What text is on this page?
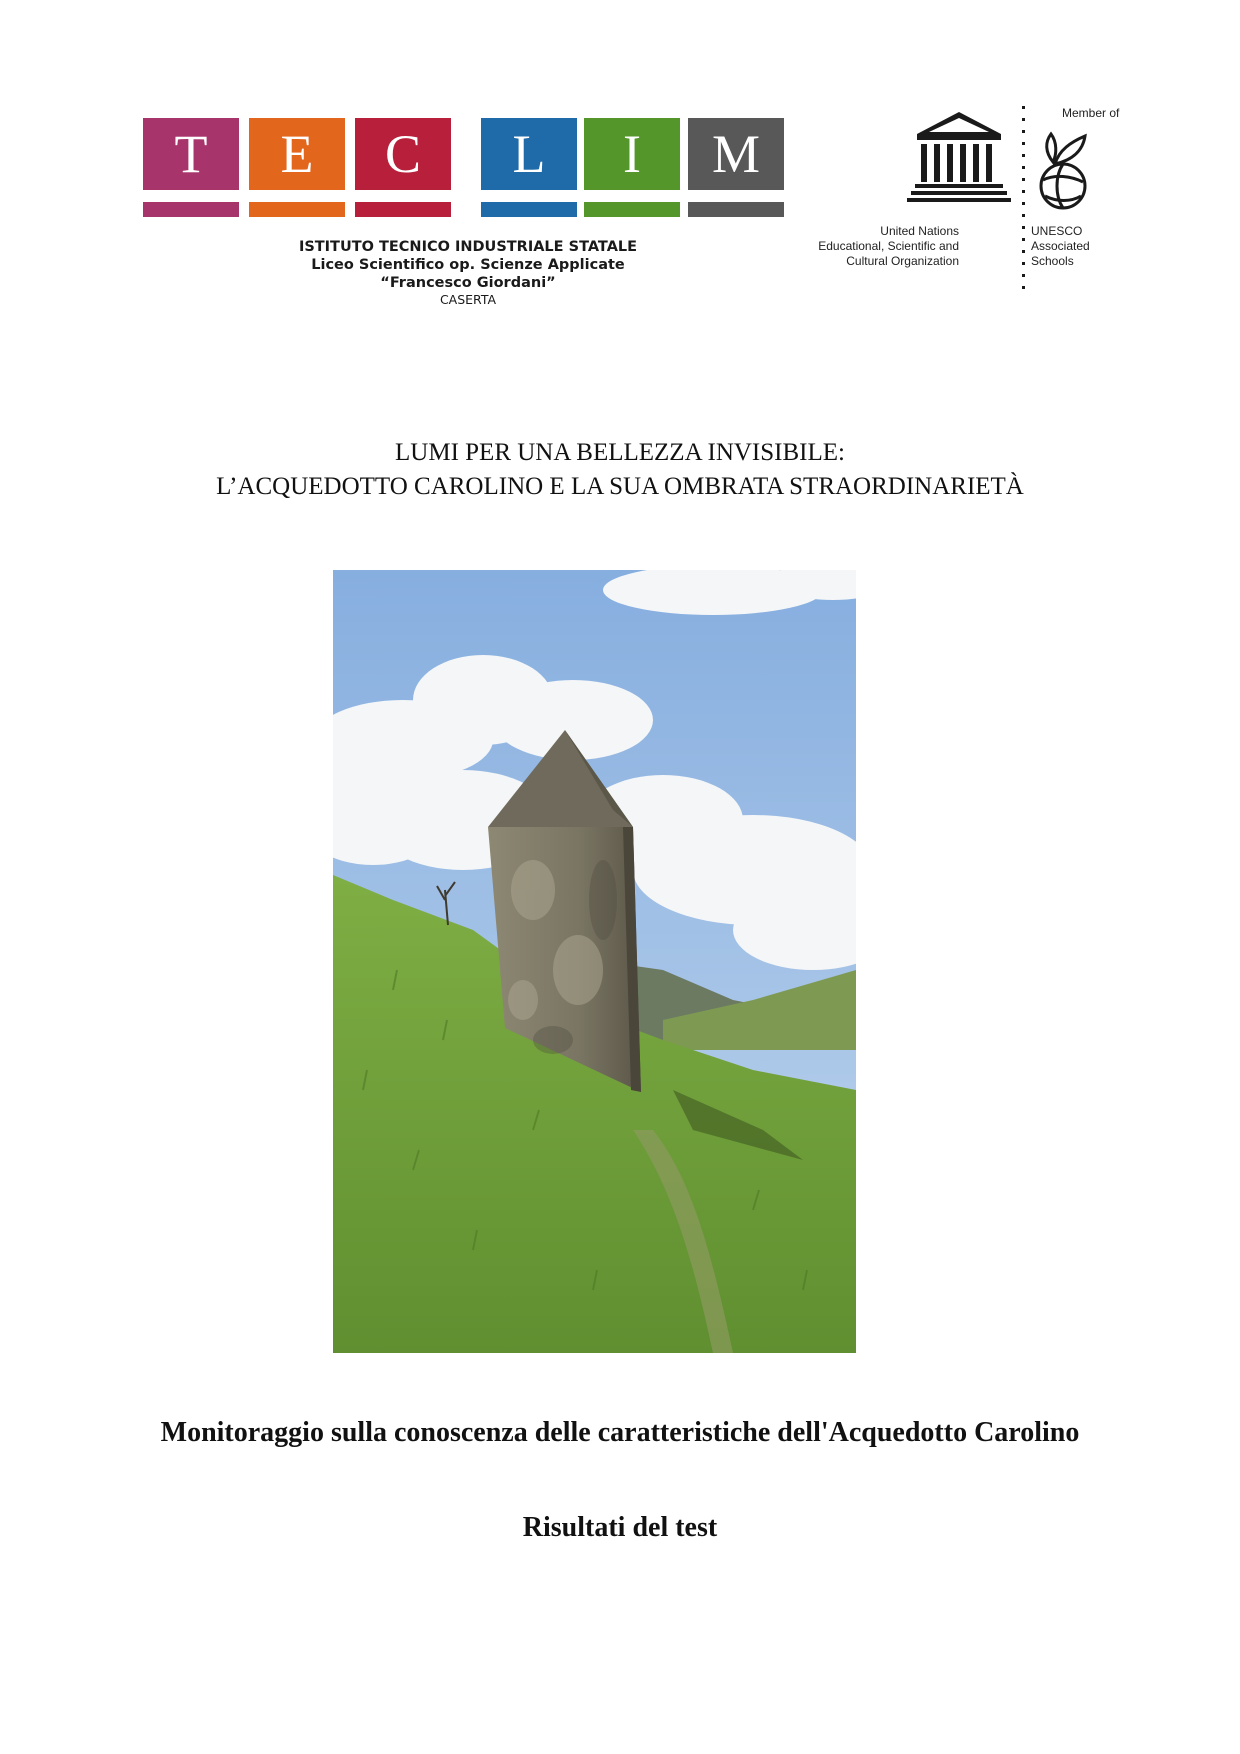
T	E	C	L	I	M
ISTITUTO TECNICO INDUSTRIALE STATALE
Liceo Scientifico op. Scienze Applicate
“Francesco Giordani”
CASERTA
Member of
United Nations
Educational, Scientific and
Cultural Organization
UNESCO
Associated
Schools
LUMI PER UNA BELLEZZA INVISIBILE:
L’ACQUEDOTTO CAROLINO E LA SUA OMBRATA STRAORDINARIETÀ
Monitoraggio sulla conoscenza delle caratteristiche dell'Acquedotto Carolino
Risultati del test
